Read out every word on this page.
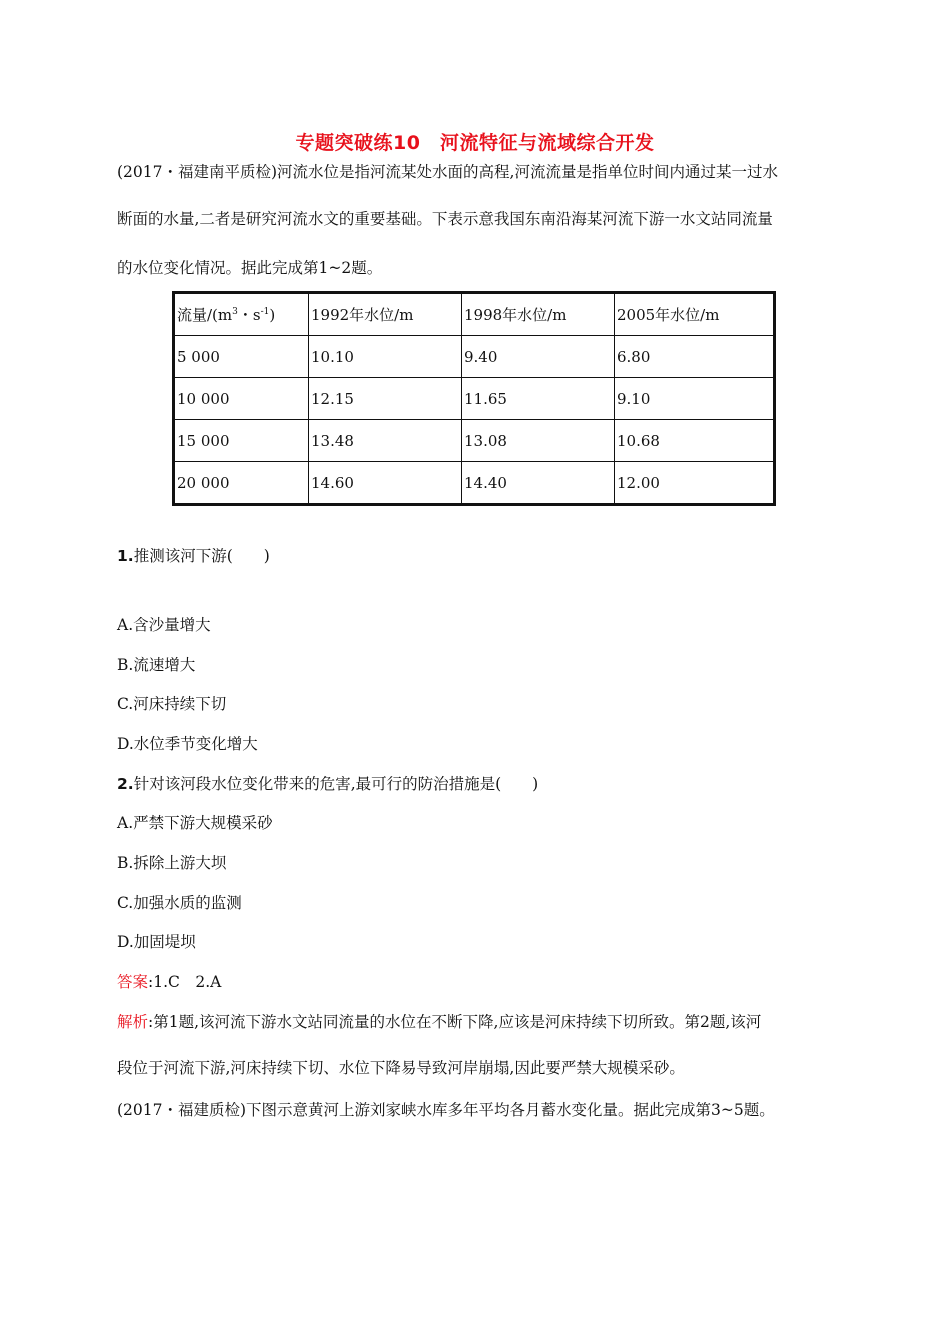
专题突破练10　河流特征与流域综合开发
(2017・福建南平质检)河流水位是指河流某处水面的高程,河流流量是指单位时间内通过某一过水
断面的水量,二者是研究河流水文的重要基础。下表示意我国东南沿海某河流下游一水文站同流量
的水位变化情况。据此完成第1~2题。
流量$/(m^3$・$s^{-1}$)	1992年水位/m	1998年水位/m	2005年水位/m
5 000	10.10	9.40	6.80
10 000	12.15	11.65	9.10
15 000	13.48	13.08	10.68
20 000	14.60	14.40	12.00
1.推测该河下游(　　)
A.含沙量增大
B.流速增大
C.河床持续下切
D.水位季节变化增大
2.针对该河段水位变化带来的危害,最可行的防治措施是(　　)
A.严禁下游大规模采砂
B.拆除上游大坝
C.加强水质的监测
D.加固堤坝
答案:1.C　2.A
解析:第1题,该河流下游水文站同流量的水位在不断下降,应该是河床持续下切所致。第2题,该河
段位于河流下游,河床持续下切、水位下降易导致河岸崩塌,因此要严禁大规模采砂。
(2017・福建质检)下图示意黄河上游刘家峡水库多年平均各月蓄水变化量。据此完成第3~5题。
